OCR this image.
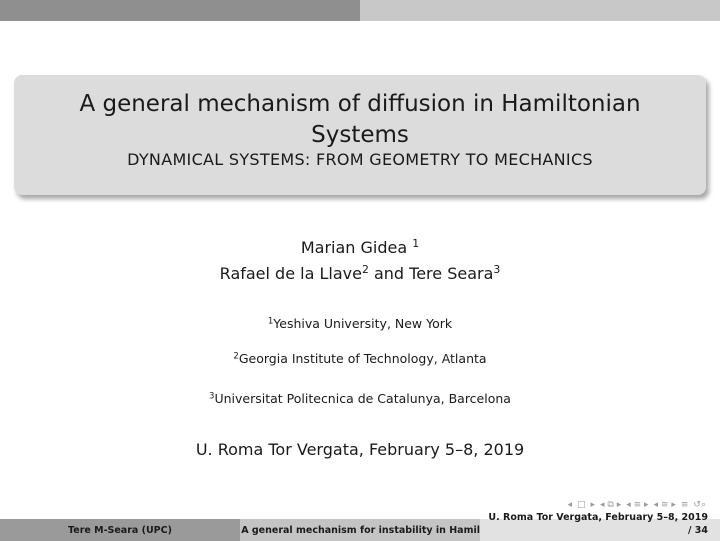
A general mechanism of diffusion in Hamiltonian Systems
DYNAMICAL SYSTEMS: FROM GEOMETRY TO MECHANICS
Marian Gidea $^1$
Rafael de la Llave$^2$ and Tere Seara$^3$
$^1$Yeshiva University, New York
$^2$Georgia Institute of Technology, Atlanta
$^3$Universitat Politecnica de Catalunya, Barcelona
U. Roma Tor Vergata, February 5–8, 2019
◂ □ ▸ ◂ ⧉ ▸ ◂ ≡ ▸ ◂ ≡ ▸ ≡ ↺⌕
Tere M-Seara (UPC)	A general mechanism for instability in Hamil
U. Roma Tor Vergata, February 5–8, 2019
/ 34
